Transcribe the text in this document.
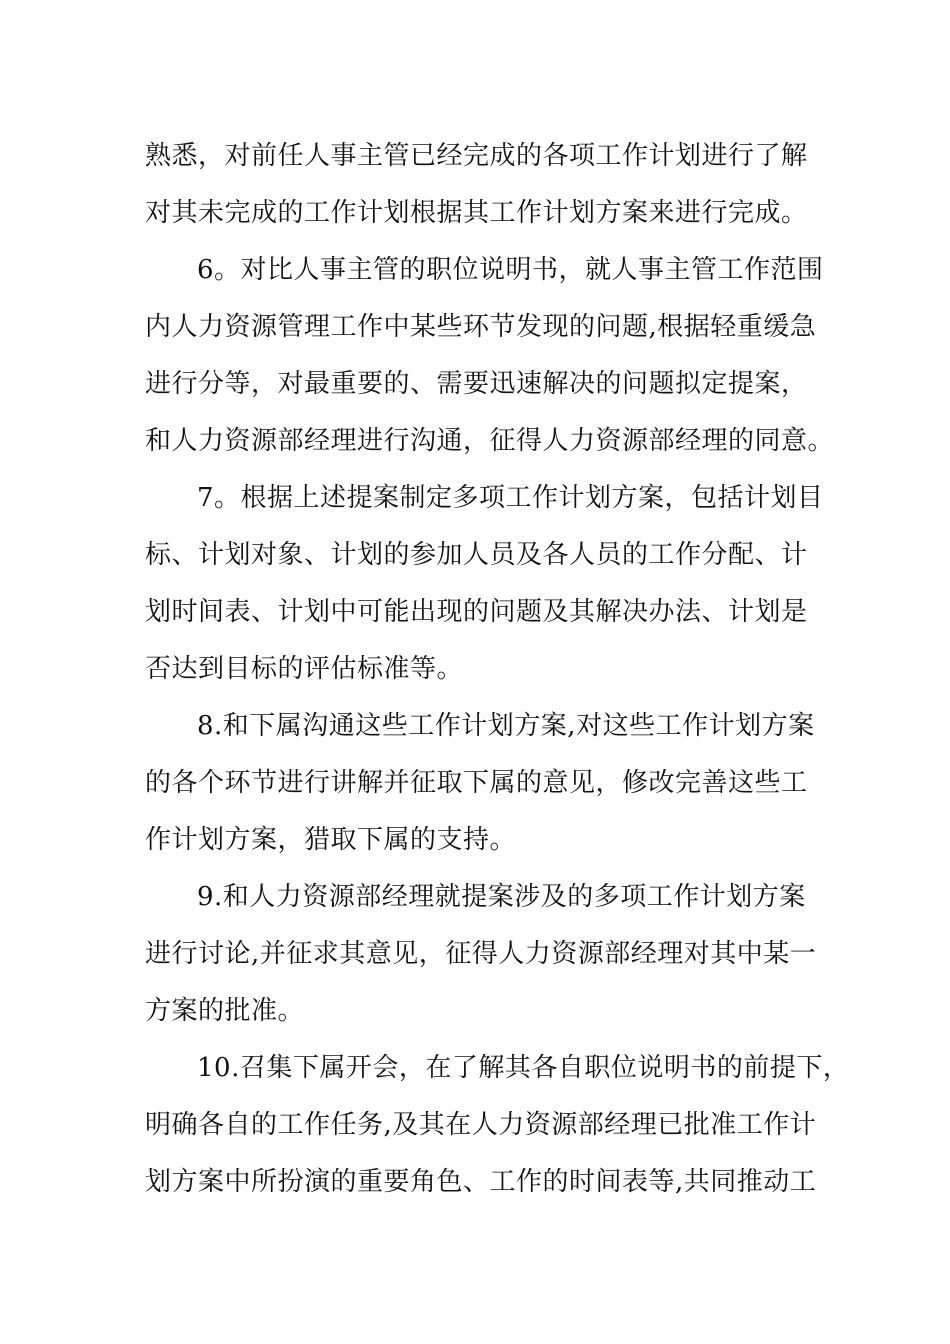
熟悉，对前任人事主管已经完成的各项工作计划进行了解
对其未完成的工作计划根据其工作计划方案来进行完成。
6。对比人事主管的职位说明书，就人事主管工作范围
内人力资源管理工作中某些环节发现的问题,根据轻重缓急
进行分等，对最重要的、需要迅速解决的问题拟定提案，
和人力资源部经理进行沟通，征得人力资源部经理的同意。
7。根据上述提案制定多项工作计划方案，包括计划目
标、计划对象、计划的参加人员及各人员的工作分配、计
划时间表、计划中可能出现的问题及其解决办法、计划是
否达到目标的评估标准等。
8.和下属沟通这些工作计划方案,对这些工作计划方案
的各个环节进行讲解并征取下属的意见，修改完善这些工
作计划方案，猎取下属的支持。
9.和人力资源部经理就提案涉及的多项工作计划方案
进行讨论,并征求其意见，征得人力资源部经理对其中某一
方案的批准。
10.召集下属开会，在了解其各自职位说明书的前提下，
明确各自的工作任务,及其在人力资源部经理已批准工作计
划方案中所扮演的重要角色、工作的时间表等,共同推动工
